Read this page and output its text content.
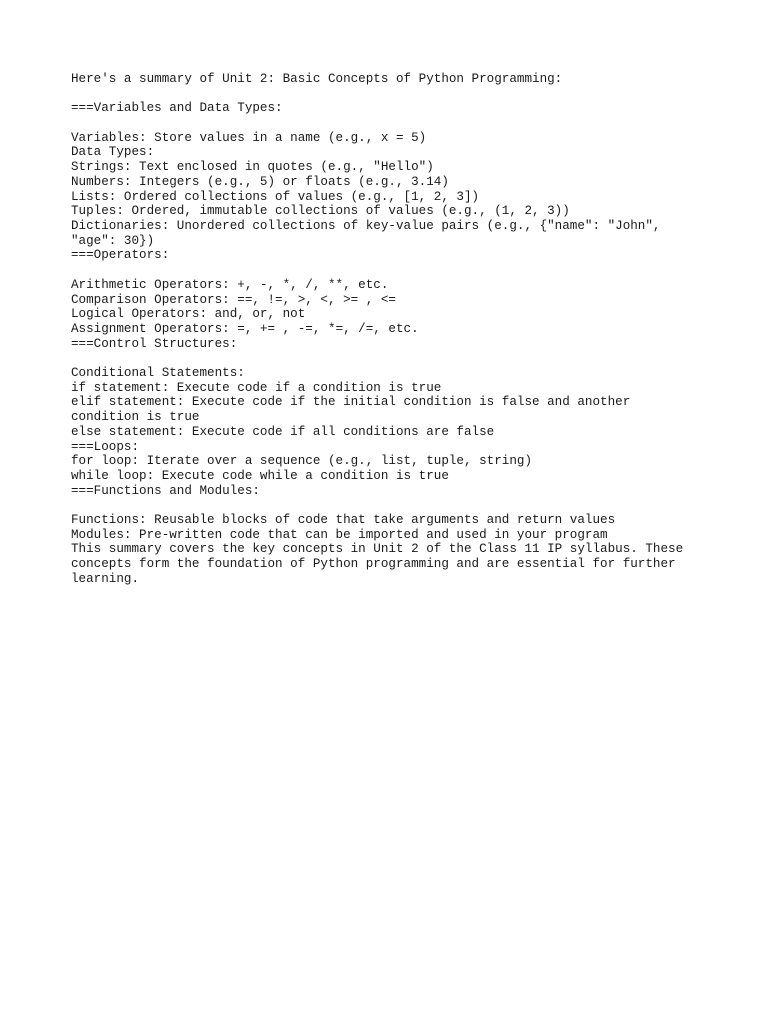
Here's a summary of Unit 2: Basic Concepts of Python Programming:
===Variables and Data Types:
Variables: Store values in a name (e.g., x = 5)
Data Types:
Strings: Text enclosed in quotes (e.g., "Hello")
Numbers: Integers (e.g., 5) or floats (e.g., 3.14)
Lists: Ordered collections of values (e.g., [1, 2, 3])
Tuples: Ordered, immutable collections of values (e.g., (1, 2, 3))
Dictionaries: Unordered collections of key-value pairs (e.g., {"name": "John",
"age": 30})
===Operators:
Arithmetic Operators: +, -, *, /, **, etc.
Comparison Operators: ==, !=, >, <, >= , <=
Logical Operators: and, or, not
Assignment Operators: =, += , -=, *=, /=, etc.
===Control Structures:
Conditional Statements:
if statement: Execute code if a condition is true
elif statement: Execute code if the initial condition is false and another
condition is true
else statement: Execute code if all conditions are false
===Loops:
for loop: Iterate over a sequence (e.g., list, tuple, string)
while loop: Execute code while a condition is true
===Functions and Modules:
Functions: Reusable blocks of code that take arguments and return values
Modules: Pre-written code that can be imported and used in your program
This summary covers the key concepts in Unit 2 of the Class 11 IP syllabus. These
concepts form the foundation of Python programming and are essential for further
learning.
